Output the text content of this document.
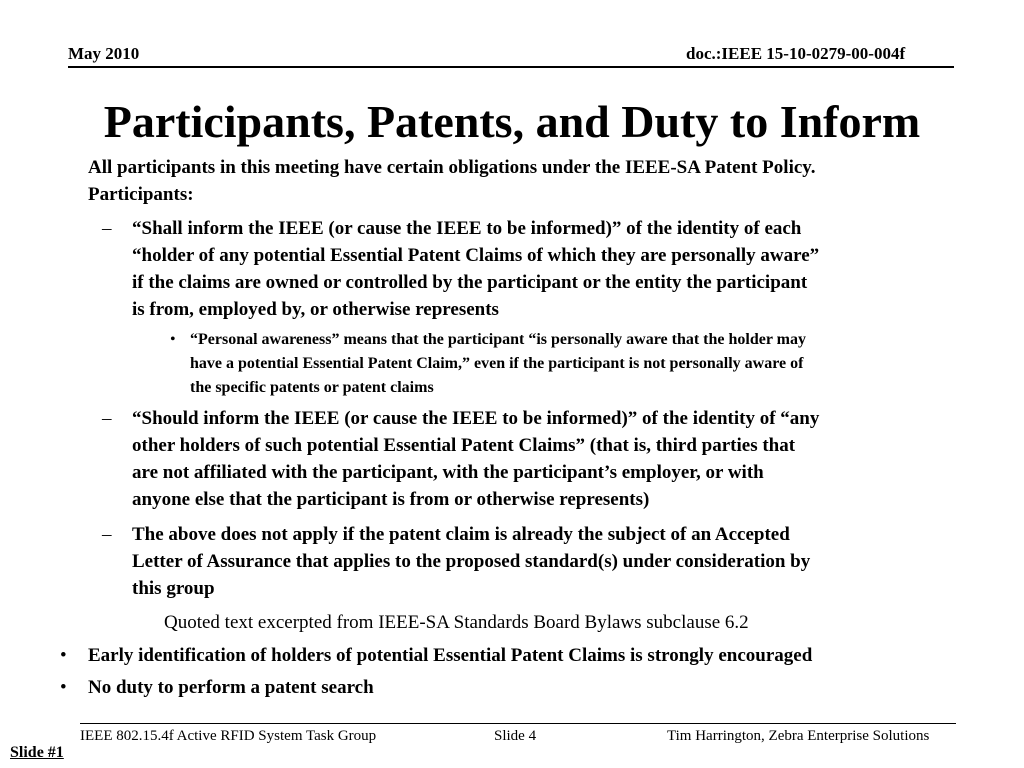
May 2010	doc.:IEEE 15-10-0279-00-004f
Participants, Patents, and Duty to Inform
All participants in this meeting have certain obligations under the IEEE-SA Patent Policy.
Participants:
– “Shall inform the IEEE (or cause the IEEE to be informed)” of the identity of each
“holder of any potential Essential Patent Claims of which they are personally aware”
if the claims are owned or controlled by the participant or the entity the participant
is from, employed by, or otherwise represents
• “Personal awareness” means that the participant “is personally aware that the holder may
have a potential Essential Patent Claim,” even if the participant is not personally aware of
the specific patents or patent claims
– “Should inform the IEEE (or cause the IEEE to be informed)” of the identity of “any
other holders of such potential Essential Patent Claims” (that is, third parties that
are not affiliated with the participant, with the participant’s employer, or with
anyone else that the participant is from or otherwise represents)
– The above does not apply if the patent claim is already the subject of an Accepted
Letter of Assurance that applies to the proposed standard(s) under consideration by
this group
Quoted text excerpted from IEEE-SA Standards Board Bylaws subclause 6.2
• Early identification of holders of potential Essential Patent Claims is strongly encouraged
• No duty to perform a patent search
IEEE 802.15.4f Active RFID System Task Group	Slide 4	Tim Harrington, Zebra Enterprise Solutions
Slide #1
